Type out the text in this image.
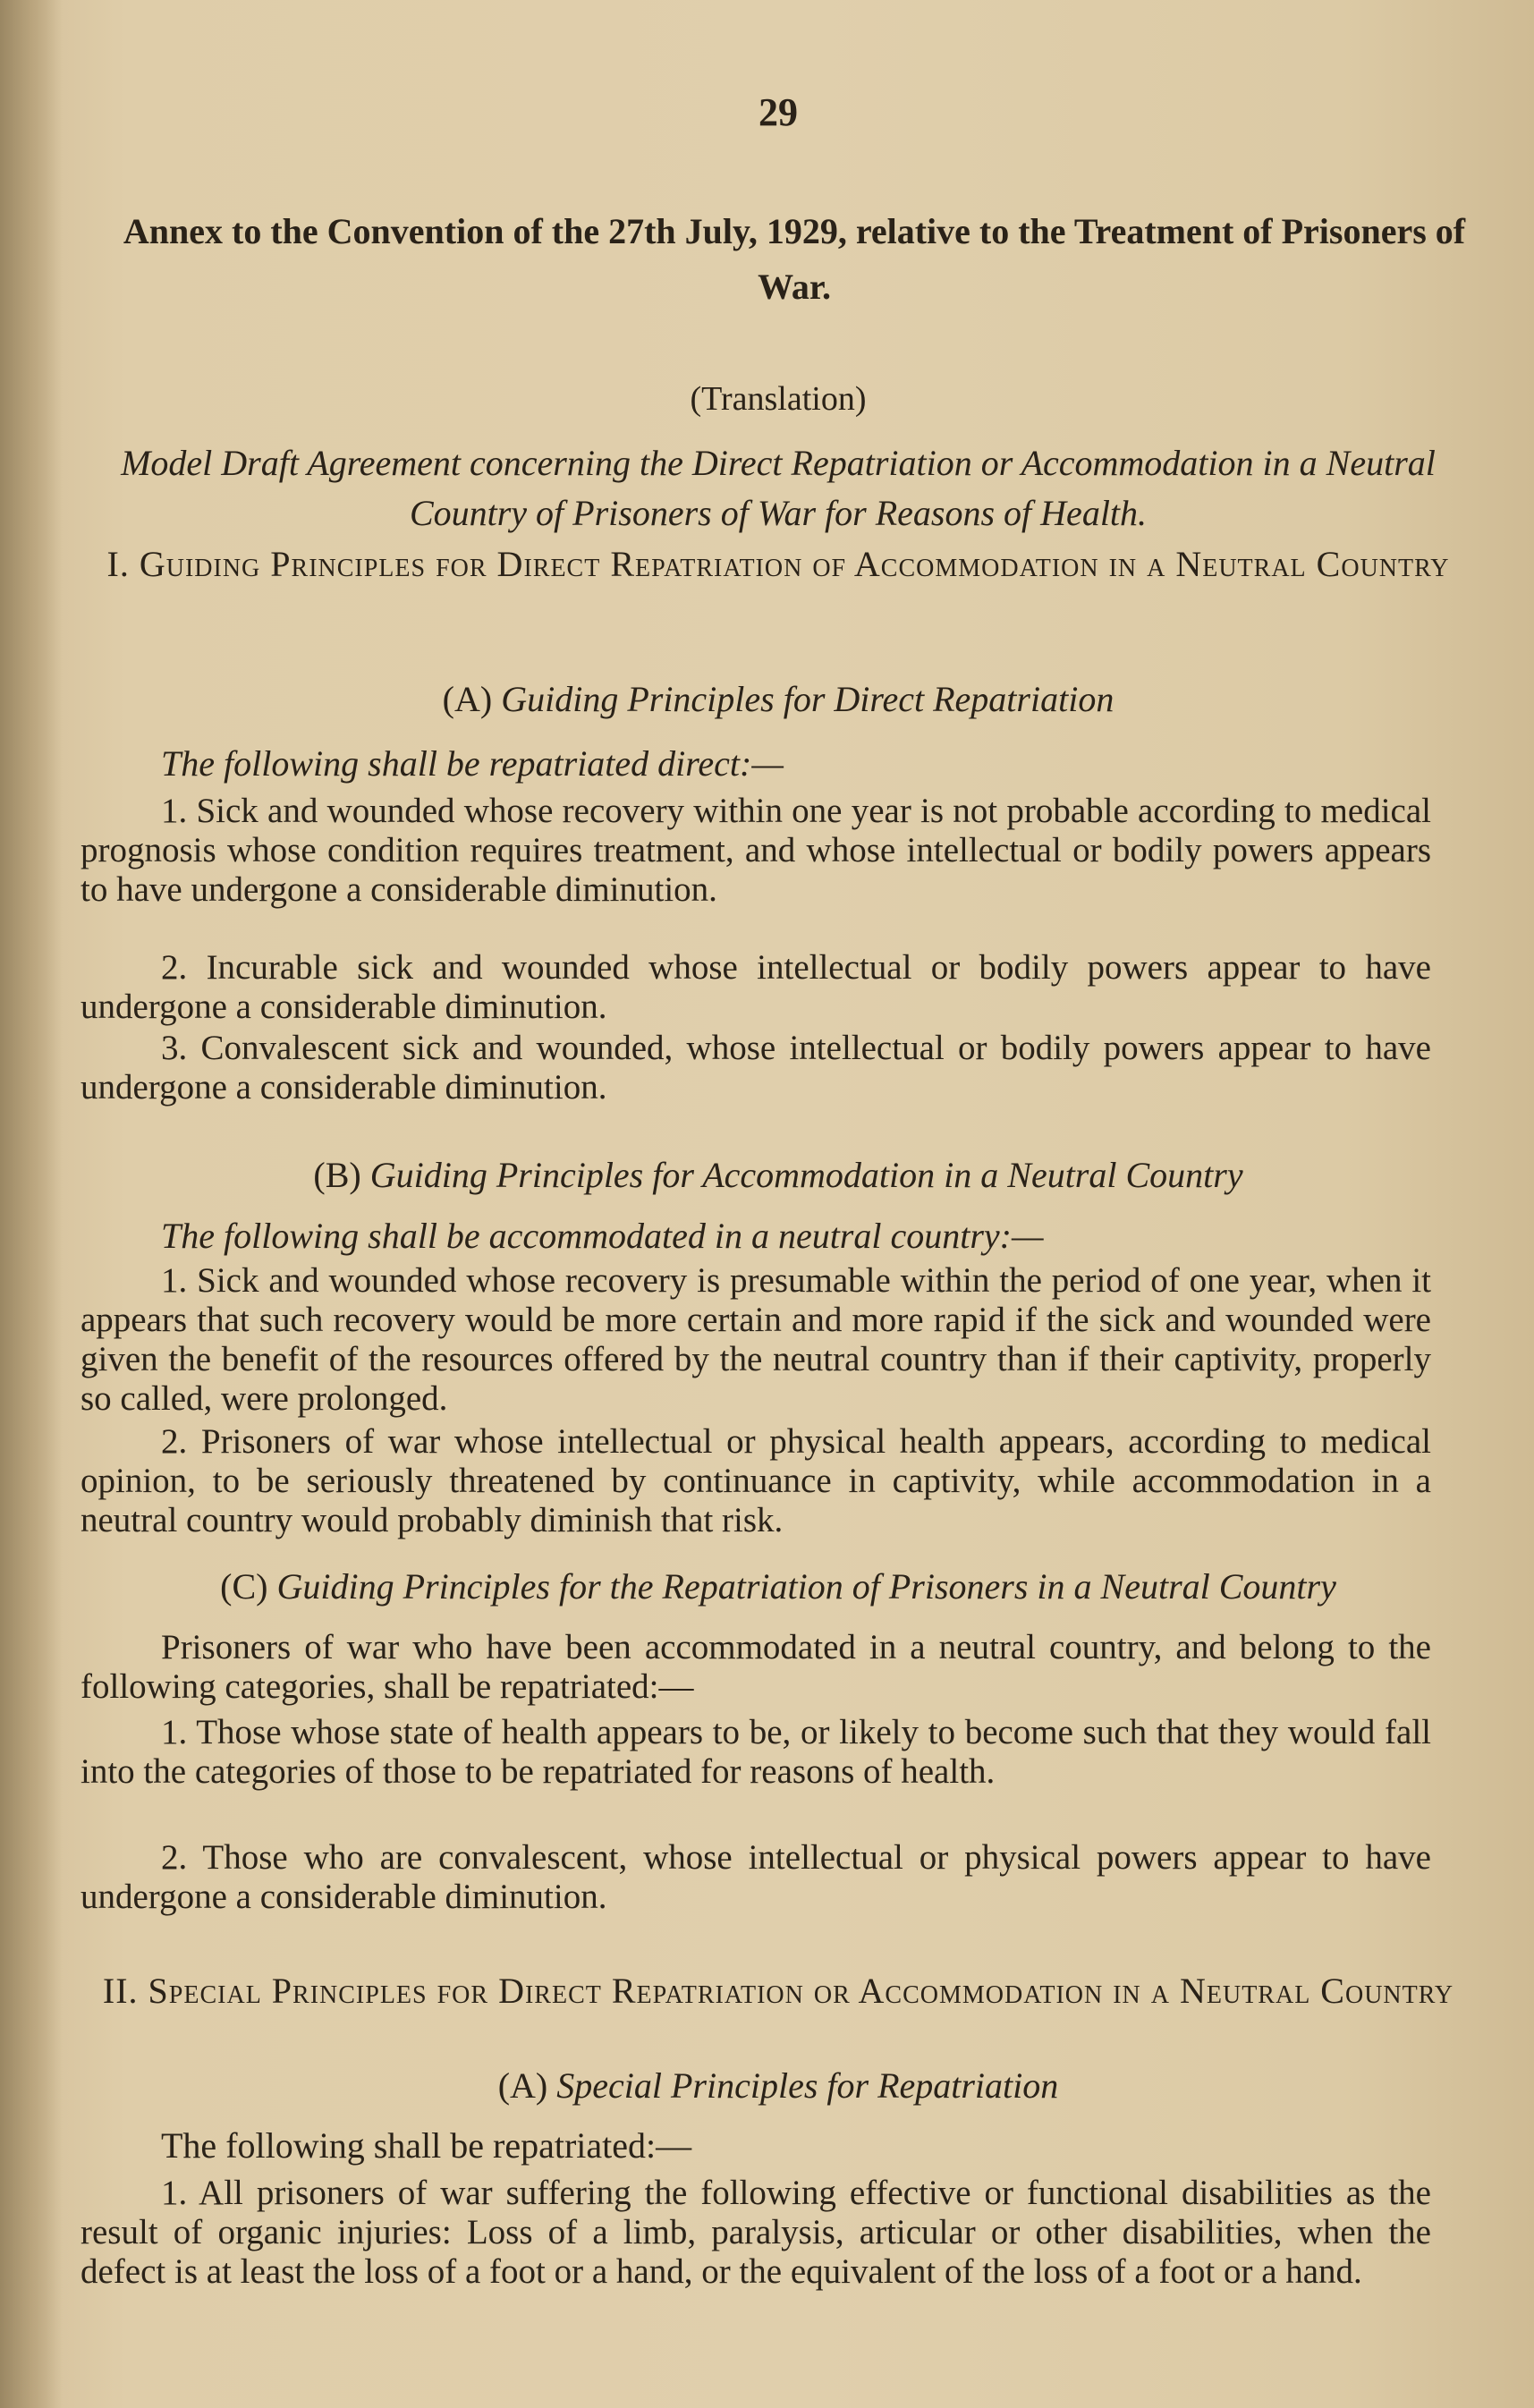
29
Annex to the Convention of the 27th July, 1929, relative to the Treatment of Prisoners of War.
(Translation)
Model Draft Agreement concerning the Direct Repatriation or Accommodation in a Neutral Country of Prisoners of War for Reasons of Health.
I. Guiding Principles for Direct Repatriation of Accommodation in a Neutral Country
(A) Guiding Principles for Direct Repatriation
The following shall be repatriated direct:—
1. Sick and wounded whose recovery within one year is not probable according to medical prognosis whose condition requires treatment, and whose intellectual or bodily powers appears to have undergone a considerable diminution.
2. Incurable sick and wounded whose intellectual or bodily powers appear to have undergone a considerable diminution.
3. Convalescent sick and wounded, whose intellectual or bodily powers appear to have undergone a considerable diminution.
(B) Guiding Principles for Accommodation in a Neutral Country
The following shall be accommodated in a neutral country:—
1. Sick and wounded whose recovery is presumable within the period of one year, when it appears that such recovery would be more certain and more rapid if the sick and wounded were given the benefit of the resources offered by the neutral country than if their captivity, properly so called, were prolonged.
2. Prisoners of war whose intellectual or physical health appears, according to medical opinion, to be seriously threatened by continuance in captivity, while accommodation in a neutral country would probably diminish that risk.
(C) Guiding Principles for the Repatriation of Prisoners in a Neutral Country
Prisoners of war who have been accommodated in a neutral country, and belong to the following categories, shall be repatriated:—
1. Those whose state of health appears to be, or likely to become such that they would fall into the categories of those to be repatriated for reasons of health.
2. Those who are convalescent, whose intellectual or physical powers appear to have undergone a considerable diminution.
II. Special Principles for Direct Repatriation or Accommodation in a Neutral Country
(A) Special Principles for Repatriation
The following shall be repatriated:—
1. All prisoners of war suffering the following effective or functional disabilities as the result of organic injuries: Loss of a limb, paralysis, articular or other disabilities, when the defect is at least the loss of a foot or a hand, or the equivalent of the loss of a foot or a hand.
